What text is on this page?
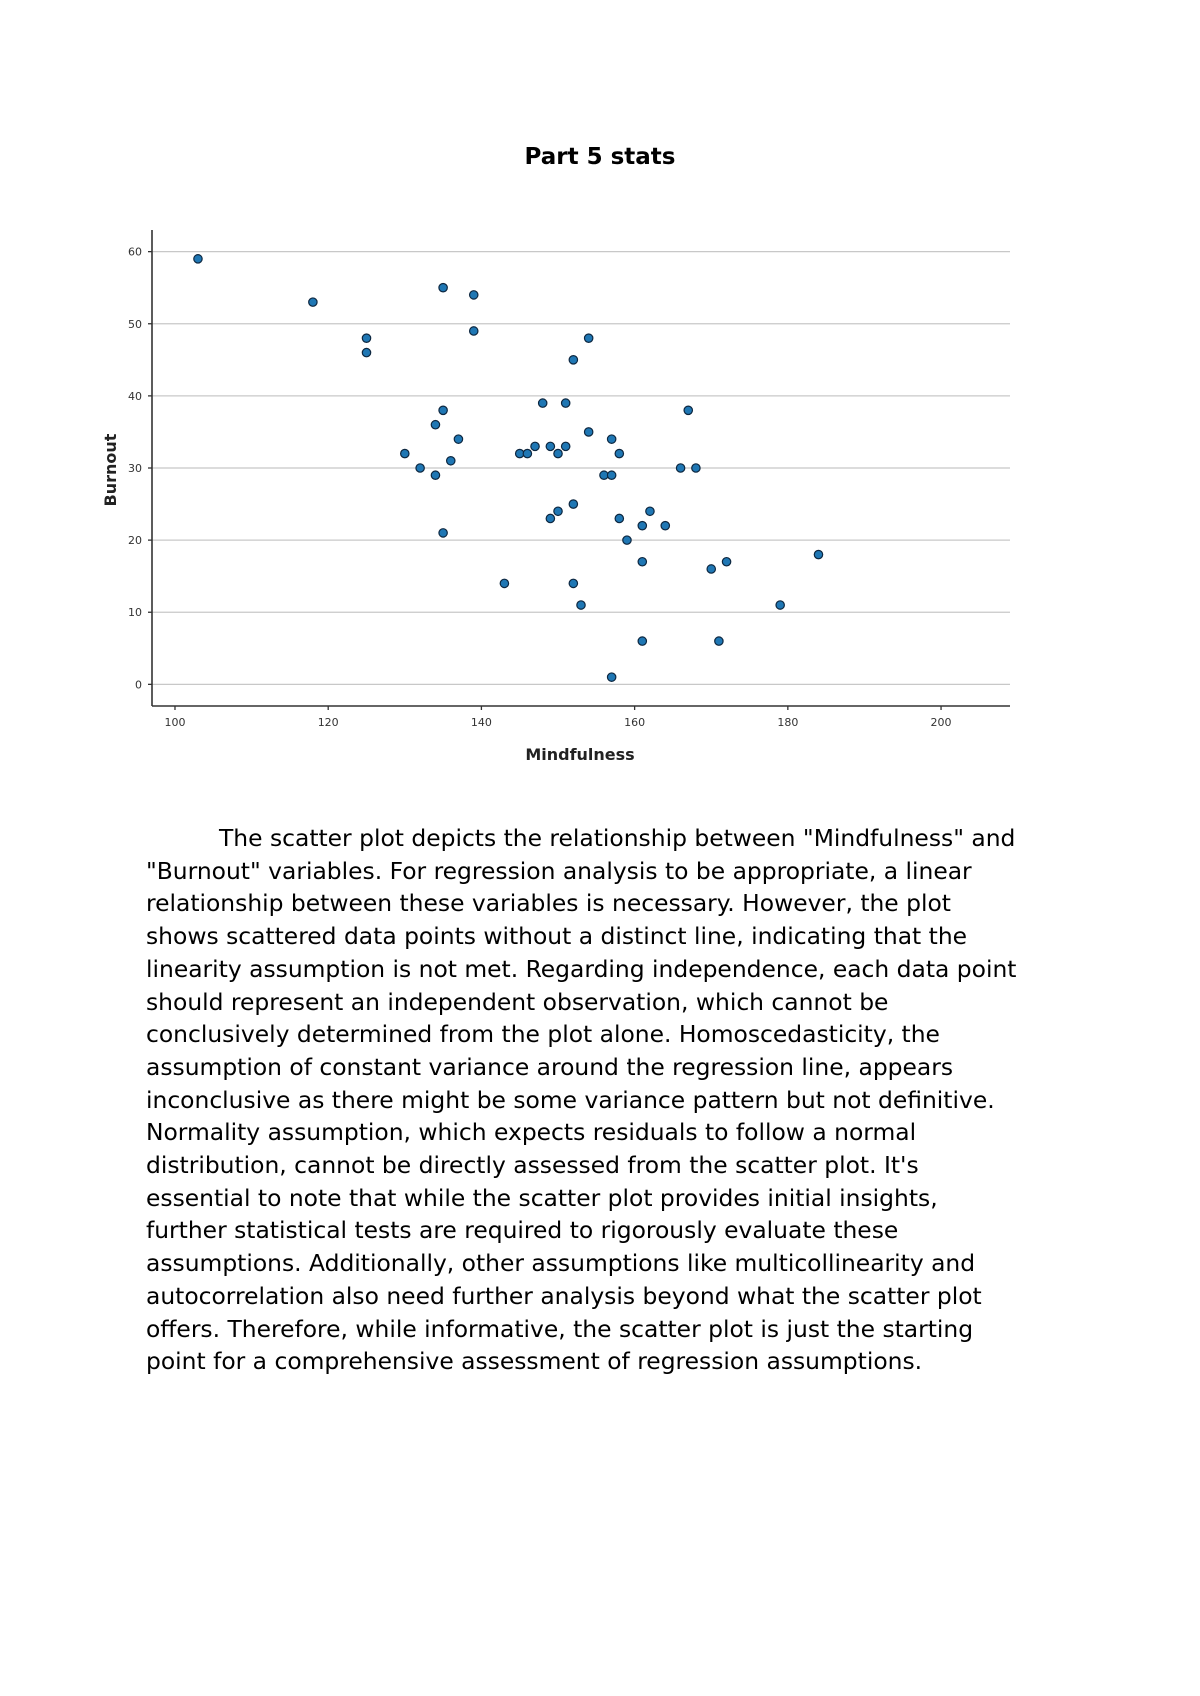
Part 5 stats
0
10
20
30
40
50
60
100	120	140	160	180	200
Mindfulness
Burnout
The scatter plot depicts the relationship between "Mindfulness" and
"Burnout" variables. For regression analysis to be appropriate, a linear
relationship between these variables is necessary. However, the plot
shows scattered data points without a distinct line, indicating that the
linearity assumption is not met. Regarding independence, each data point
should represent an independent observation, which cannot be
conclusively determined from the plot alone. Homoscedasticity, the
assumption of constant variance around the regression line, appears
inconclusive as there might be some variance pattern but not definitive.
Normality assumption, which expects residuals to follow a normal
distribution, cannot be directly assessed from the scatter plot. It's
essential to note that while the scatter plot provides initial insights,
further statistical tests are required to rigorously evaluate these
assumptions. Additionally, other assumptions like multicollinearity and
autocorrelation also need further analysis beyond what the scatter plot
offers. Therefore, while informative, the scatter plot is just the starting
point for a comprehensive assessment of regression assumptions.
